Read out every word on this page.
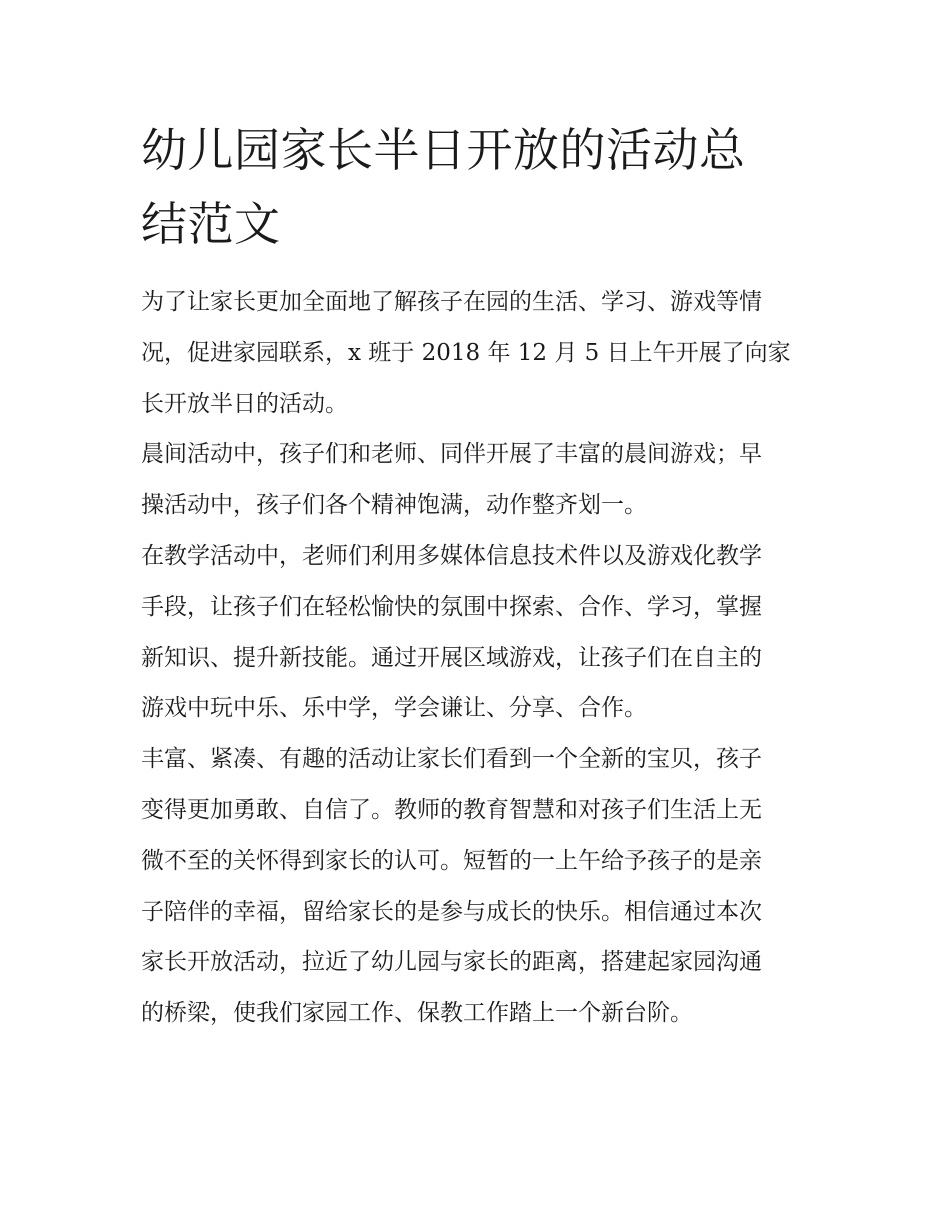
幼儿园家长半日开放的活动总
结范文

为了让家长更加全面地了解孩子在园的生活、学习、游戏等情
况，促进家园联系，x 班于 2018 年 12 月 5 日上午开展了向家
长开放半日的活动。

晨间活动中，孩子们和老师、同伴开展了丰富的晨间游戏；早
操活动中，孩子们各个精神饱满，动作整齐划一。

在教学活动中，老师们利用多媒体信息技术件以及游戏化教学
手段，让孩子们在轻松愉快的氛围中探索、合作、学习，掌握
新知识、提升新技能。通过开展区域游戏，让孩子们在自主的
游戏中玩中乐、乐中学，学会谦让、分享、合作。

丰富、紧凑、有趣的活动让家长们看到一个全新的宝贝，孩子
变得更加勇敢、自信了。教师的教育智慧和对孩子们生活上无
微不至的关怀得到家长的认可。短暂的一上午给予孩子的是亲
子陪伴的幸福，留给家长的是参与成长的快乐。相信通过本次
家长开放活动，拉近了幼儿园与家长的距离，搭建起家园沟通
的桥梁，使我们家园工作、保教工作踏上一个新台阶。
